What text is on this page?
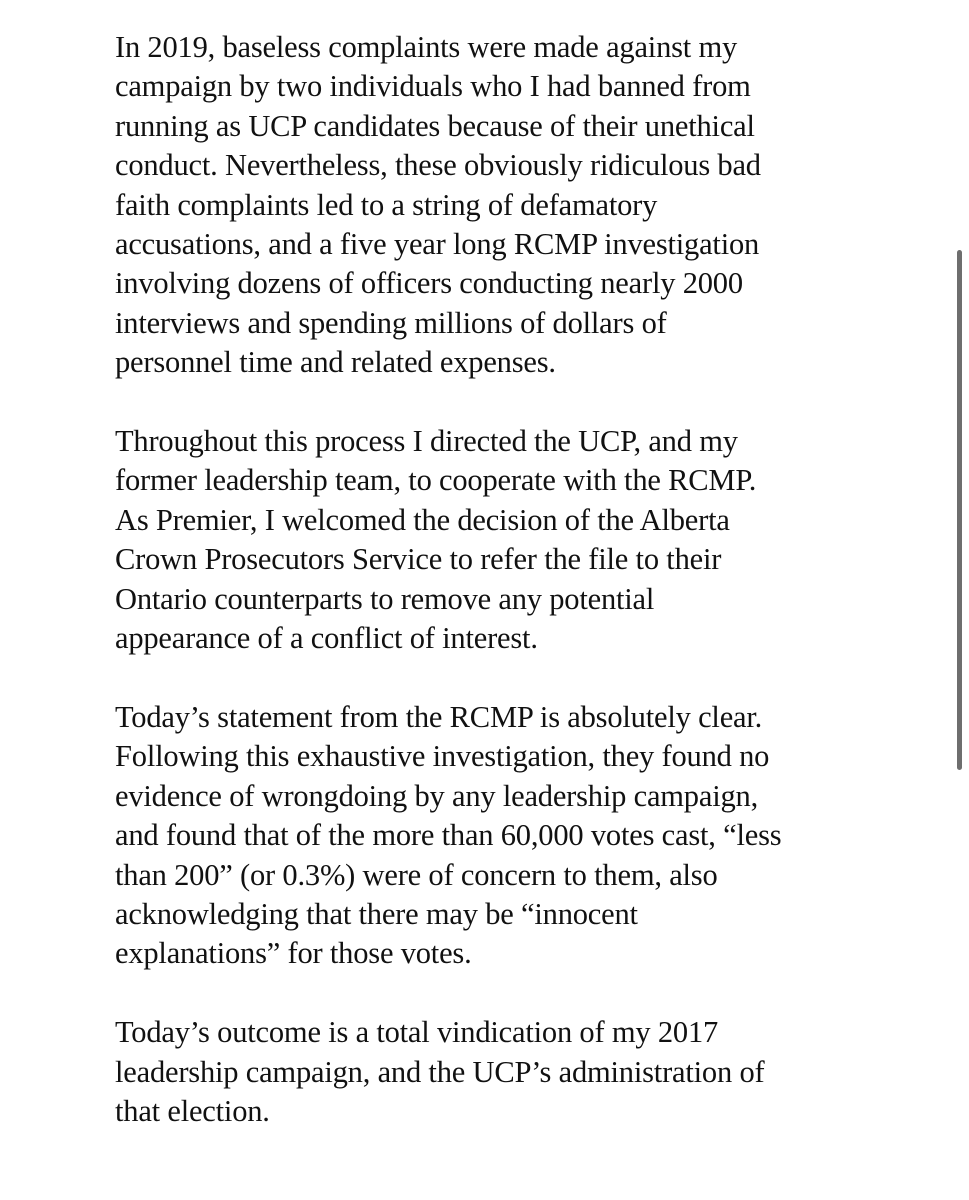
In 2019, baseless complaints were made against my
campaign by two individuals who I had banned from
running as UCP candidates because of their unethical
conduct. Nevertheless, these obviously ridiculous bad
faith complaints led to a string of defamatory
accusations, and a five year long RCMP investigation
involving dozens of officers conducting nearly 2000
interviews and spending millions of dollars of
personnel time and related expenses.

Throughout this process I directed the UCP, and my
former leadership team, to cooperate with the RCMP.
As Premier, I welcomed the decision of the Alberta
Crown Prosecutors Service to refer the file to their
Ontario counterparts to remove any potential
appearance of a conflict of interest.

Today’s statement from the RCMP is absolutely clear.
Following this exhaustive investigation, they found no
evidence of wrongdoing by any leadership campaign,
and found that of the more than 60,000 votes cast, “less
than 200” (or 0.3%) were of concern to them, also
acknowledging that there may be “innocent
explanations” for those votes.

Today’s outcome is a total vindication of my 2017
leadership campaign, and the UCP’s administration of
that election.
